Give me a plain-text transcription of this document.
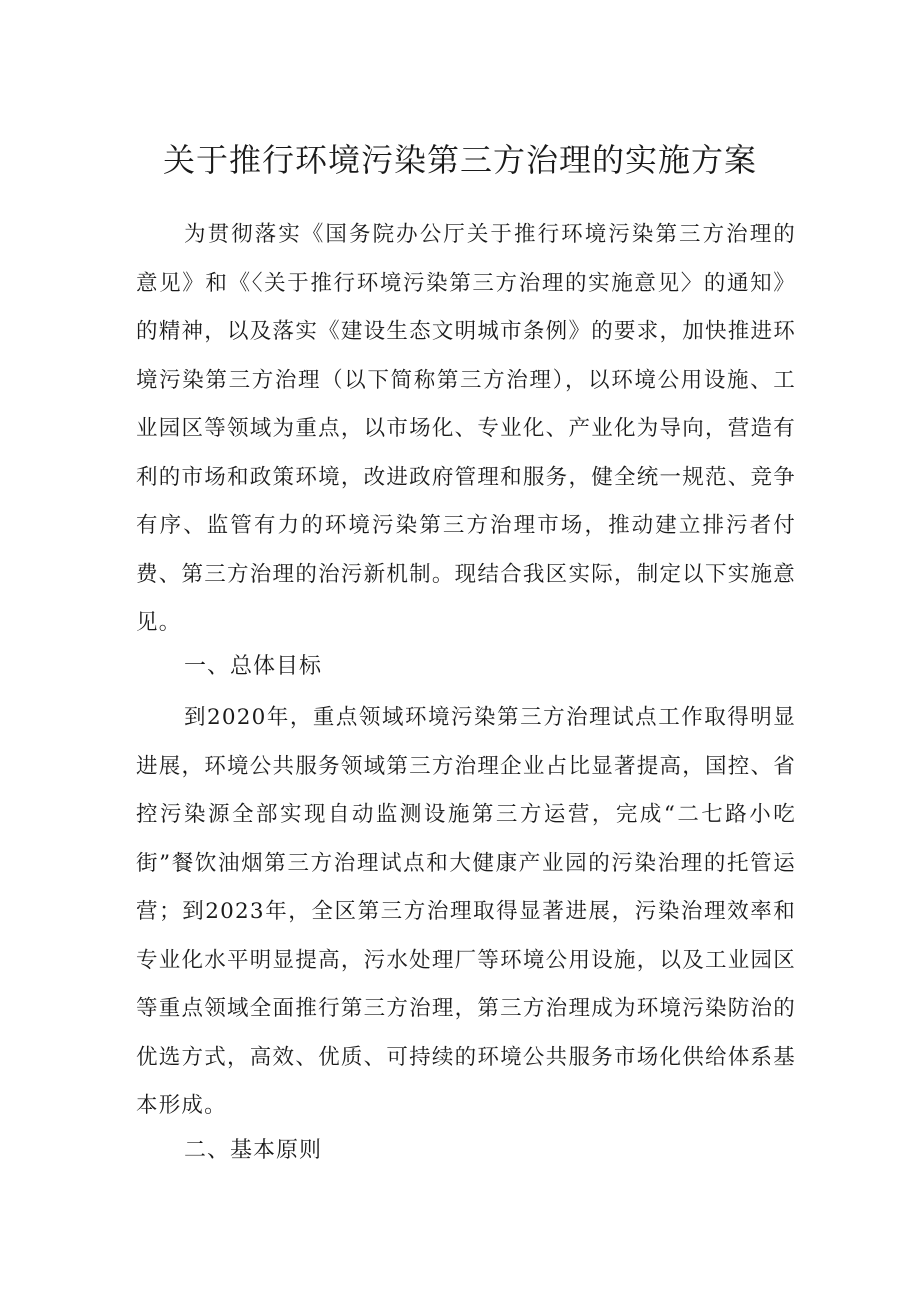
关于推行环境污染第三方治理的实施方案

为贯彻落实《国务院办公厅关于推行环境污染第三方治理的意见》和《〈关于推行环境污染第三方治理的实施意见〉的通知》的精神，以及落实《建设生态文明城市条例》的要求，加快推进环境污染第三方治理（以下简称第三方治理），以环境公用设施、工业园区等领域为重点，以市场化、专业化、产业化为导向，营造有利的市场和政策环境，改进政府管理和服务，健全统一规范、竞争有序、监管有力的环境污染第三方治理市场，推动建立排污者付费、第三方治理的治污新机制。现结合我区实际，制定以下实施意见。

一、总体目标

到2020年，重点领域环境污染第三方治理试点工作取得明显进展，环境公共服务领域第三方治理企业占比显著提高，国控、省控污染源全部实现自动监测设施第三方运营，完成“二七路小吃街”餐饮油烟第三方治理试点和大健康产业园的污染治理的托管运营；到2023年，全区第三方治理取得显著进展，污染治理效率和专业化水平明显提高，污水处理厂等环境公用设施，以及工业园区等重点领域全面推行第三方治理，第三方治理成为环境污染防治的优选方式，高效、优质、可持续的环境公共服务市场化供给体系基本形成。

二、基本原则
